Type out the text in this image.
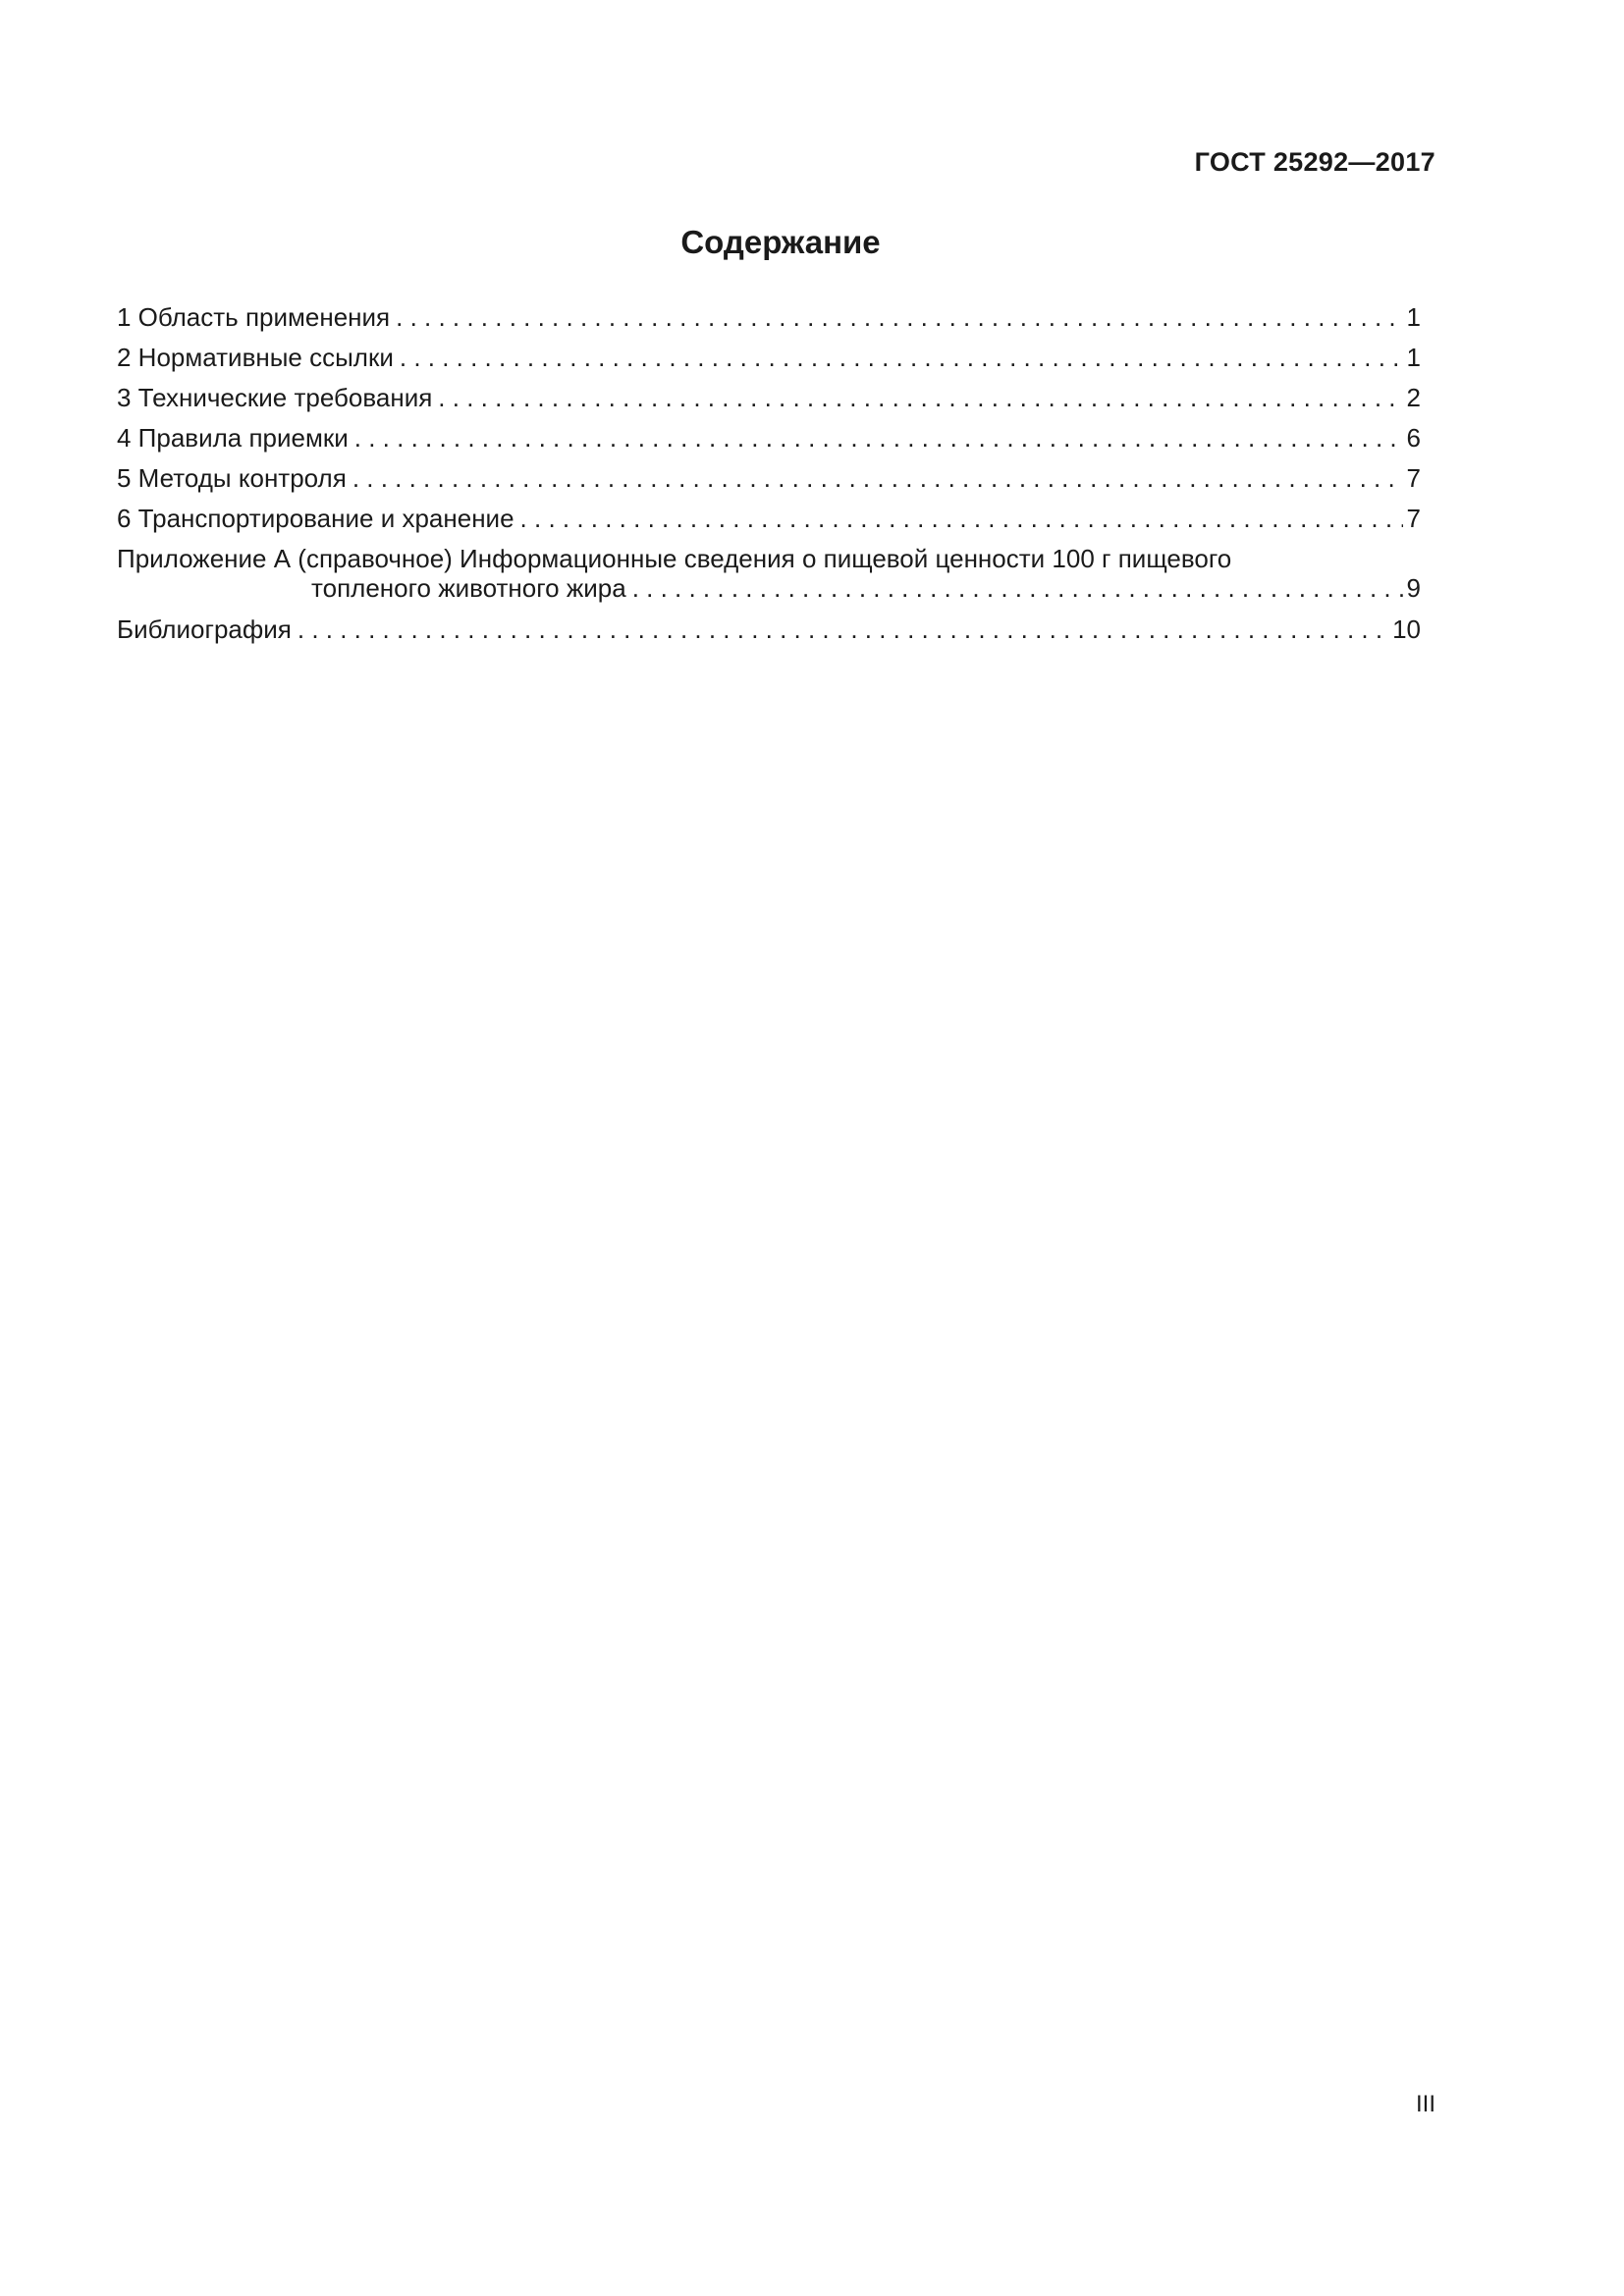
ГОСТ 25292—2017
Содержание
1 Область применения . . .	1
2 Нормативные ссылки . . .	1
3 Технические требования . . .	2
4 Правила приемки . . .	6
5 Методы контроля . . .	7
6 Транспортирование и хранение . . .	7
Приложение А (справочное) Информационные сведения о пищевой ценности 100 г пищевого
топленого животного жира . . .	9
Библиография . . .	10
III
